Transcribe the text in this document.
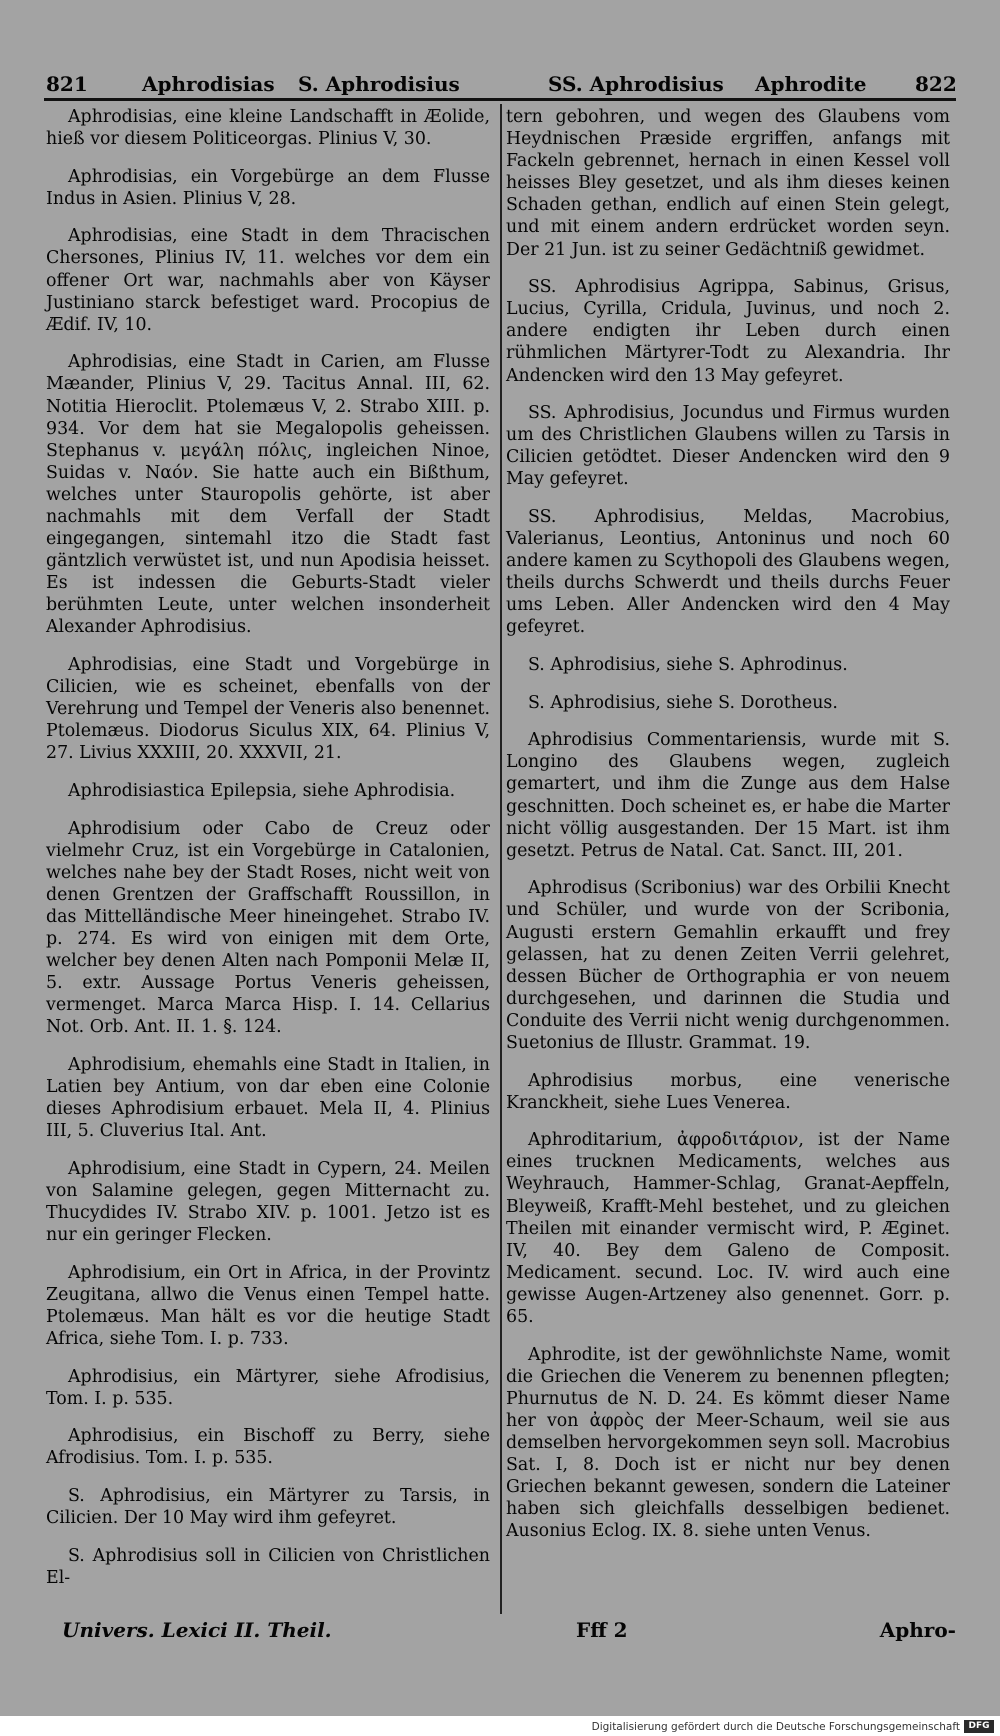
821	Aphrodisias S. Aphrodisius	SS. Aphrodisius Aphrodite 822

Aphrodisias, eine kleine Landschafft in Æolide, hieß vor diesem Politiceorgas. Plinius V, 30.

Aphrodisias, ein Vorgebürge an dem Flusse Indus in Asien. Plinius V, 28.

Aphrodisias, eine Stadt in dem Thracischen Chersones, Plinius IV, 11. welches vor dem ein offener Ort war, nachmahls aber von Käyser Justiniano starck befestiget ward. Procopius de Ædif. IV, 10.

Aphrodisias, eine Stadt in Carien, am Flusse Mæander, Plinius V, 29. Tacitus Annal. III, 62. Notitia Hieroclit. Ptolemæus V, 2. Strabo XIII. p. 934. Vor dem hat sie Megalopolis geheissen. Stephanus v. μεγάλη πόλις, ingleichen Ninoe, Suidas v. Ναόν. Sie hatte auch ein Bißthum, welches unter Stauropolis gehörte, ist aber nachmahls mit dem Verfall der Stadt eingegangen, sintemahl itzo die Stadt fast gäntzlich verwüstet ist, und nun Apodisia heisset. Es ist indessen die Geburts-Stadt vieler berühmten Leute, unter welchen insonderheit Alexander Aphrodisius.

Aphrodisias, eine Stadt und Vorgebürge in Cilicien, wie es scheinet, ebenfalls von der Verehrung und Tempel der Veneris also benennet. Ptolemæus. Diodorus Siculus XIX, 64. Plinius V, 27. Livius XXXIII, 20. XXXVII, 21.

Aphrodisiastica Epilepsia, siehe Aphrodisia.

Aphrodisium oder Cabo de Creuz oder vielmehr Cruz, ist ein Vorgebürge in Catalonien, welches nahe bey der Stadt Roses, nicht weit von denen Grentzen der Graffschafft Roussillon, in das Mittelländische Meer hineingehet. Strabo IV. p. 274. Es wird von einigen mit dem Orte, welcher bey denen Alten nach Pomponii Melæ II, 5. extr. Aussage Portus Veneris geheissen, vermenget. Marca Marca Hisp. I. 14. Cellarius Not. Orb. Ant. II. 1. §. 124.

Aphrodisium, ehemahls eine Stadt in Italien, in Latien bey Antium, von dar eben eine Colonie dieses Aphrodisium erbauet. Mela II, 4. Plinius III, 5. Cluverius Ital. Ant.

Aphrodisium, eine Stadt in Cypern, 24. Meilen von Salamine gelegen, gegen Mitternacht zu. Thucydides IV. Strabo XIV. p. 1001. Jetzo ist es nur ein geringer Flecken.

Aphrodisium, ein Ort in Africa, in der Provintz Zeugitana, allwo die Venus einen Tempel hatte. Ptolemæus. Man hält es vor die heutige Stadt Africa, siehe Tom. I. p. 733.

Aphrodisius, ein Märtyrer, siehe Afrodisius, Tom. I. p. 535.

Aphrodisius, ein Bischoff zu Berry, siehe Afrodisius. Tom. I. p. 535.

S. Aphrodisius, ein Märtyrer zu Tarsis, in Cilicien. Der 10 May wird ihm gefeyret.

S. Aphrodisius soll in Cilicien von Christlichen El-

tern gebohren, und wegen des Glaubens vom Heydnischen Præside ergriffen, anfangs mit Fackeln gebrennet, hernach in einen Kessel voll heisses Bley gesetzet, und als ihm dieses keinen Schaden gethan, endlich auf einen Stein gelegt, und mit einem andern erdrücket worden seyn. Der 21 Jun. ist zu seiner Gedächtniß gewidmet.

SS. Aphrodisius Agrippa, Sabinus, Grisus, Lucius, Cyrilla, Cridula, Juvinus, und noch 2. andere endigten ihr Leben durch einen rühmlichen Märtyrer-Todt zu Alexandria. Ihr Andencken wird den 13 May gefeyret.

SS. Aphrodisius, Jocundus und Firmus wurden um des Christlichen Glaubens willen zu Tarsis in Cilicien getödtet. Dieser Andencken wird den 9 May gefeyret.

SS. Aphrodisius, Meldas, Macrobius, Valerianus, Leontius, Antoninus und noch 60 andere kamen zu Scythopoli des Glaubens wegen, theils durchs Schwerdt und theils durchs Feuer ums Leben. Aller Andencken wird den 4 May gefeyret.

S. Aphrodisius, siehe S. Aphrodinus.

S. Aphrodisius, siehe S. Dorotheus.

Aphrodisius Commentariensis, wurde mit S. Longino des Glaubens wegen, zugleich gemartert, und ihm die Zunge aus dem Halse geschnitten. Doch scheinet es, er habe die Marter nicht völlig ausgestanden. Der 15 Mart. ist ihm gesetzt. Petrus de Natal. Cat. Sanct. III, 201.

Aphrodisus (Scribonius) war des Orbilii Knecht und Schüler, und wurde von der Scribonia, Augusti erstern Gemahlin erkaufft und frey gelassen, hat zu denen Zeiten Verrii gelehret, dessen Bücher de Orthographia er von neuem durchgesehen, und darinnen die Studia und Conduite des Verrii nicht wenig durchgenommen. Suetonius de Illustr. Grammat. 19.

Aphrodisius morbus, eine venerische Kranckheit, siehe Lues Venerea.

Aphroditarium, ἀφροδιτάριον, ist der Name eines trucknen Medicaments, welches aus Weyhrauch, Hammer-Schlag, Granat-Aepffeln, Bleyweiß, Krafft-Mehl bestehet, und zu gleichen Theilen mit einander vermischt wird, P. Æginet. IV, 40. Bey dem Galeno de Composit. Medicament. secund. Loc. IV. wird auch eine gewisse Augen-Artzeney also genennet. Gorr. p. 65.

Aphrodite, ist der gewöhnlichste Name, womit die Griechen die Venerem zu benennen pflegten; Phurnutus de N. D. 24. Es kömmt dieser Name her von ἀφρὸς der Meer-Schaum, weil sie aus demselben hervorgekommen seyn soll. Macrobius Sat. I, 8. Doch ist er nicht nur bey denen Griechen bekannt gewesen, sondern die Lateiner haben sich gleichfalls desselbigen bedienet. Ausonius Eclog. IX. 8. siehe unten Venus.

Univers. Lexici II. Theil.	Fff 2	Aphro-
Digitalisierung gefördert durch die Deutsche Forschungsgemeinschaft DFG
